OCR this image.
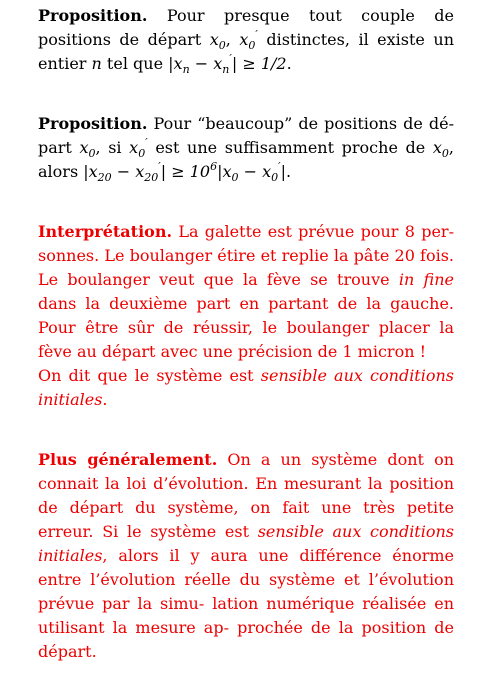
Proposition. Pour presque tout couple de positions de départ $x_0$, $x_0'$ distinctes, il existe un entier n tel que $|x_n - x_n'| \ge 1/2$.
Proposition. Pour “beaucoup” de positions de dé- part $x_0$, si $x_0'$ est une suffisamment proche de $x_0$, alors $|x_{20} - x_{20}'| \ge 10^6|x_0 - x_0'|$.
Interprétation. La galette est prévue pour 8 per- sonnes. Le boulanger étire et replie la pâte 20 fois. Le boulanger veut que la fève se trouve in fine dans la deuxième part en partant de la gauche. Pour être sûr de réussir, le boulanger placer la fève au départ avec une précision de 1 micron !
On dit que le système est sensible aux conditions initiales.
Plus généralement. On a un système dont on connait la loi d’évolution. En mesurant la position de départ du système, on fait une très petite erreur. Si le système est sensible aux conditions initiales, alors il y aura une différence énorme entre l’évolution réelle du système et l’évolution prévue par la simu- lation numérique réalisée en utilisant la mesure ap- prochée de la position de départ.
